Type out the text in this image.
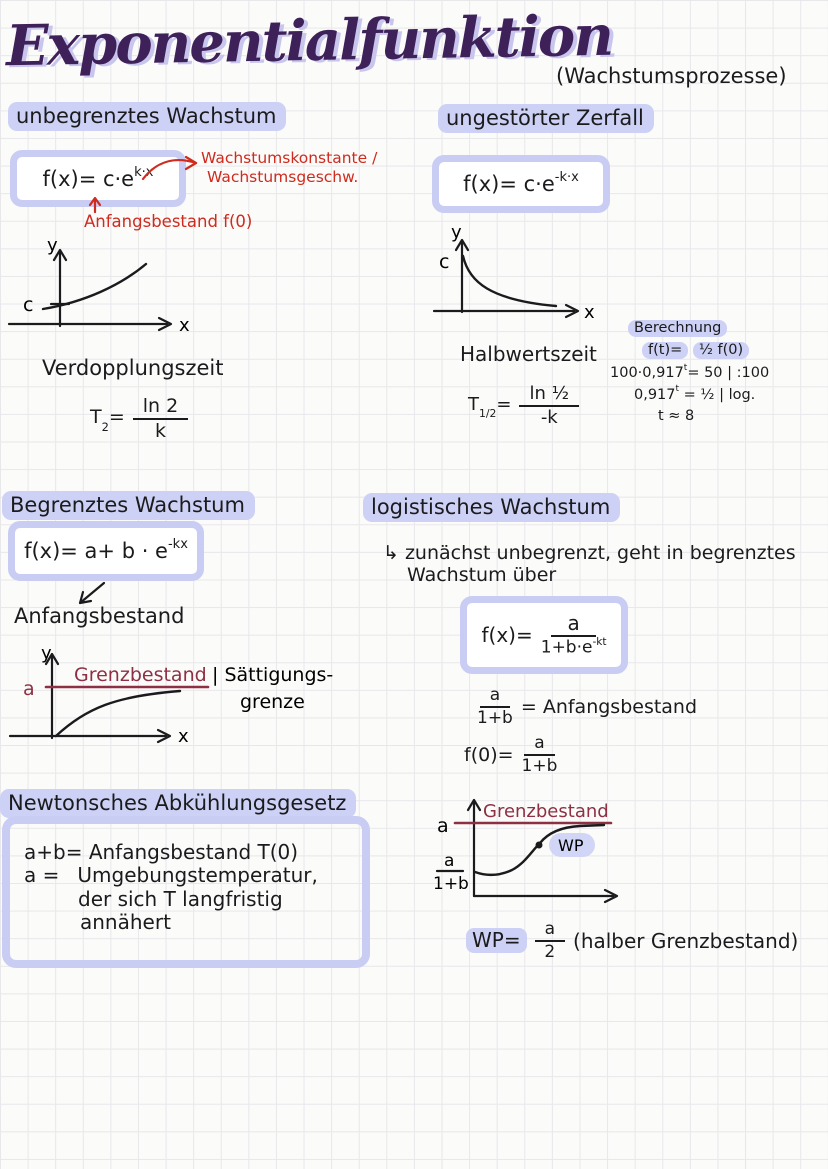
Exponentialfunktion
(Wachstumsprozesse)
unbegrenztes Wachstum
$f(x)= c\cdot e^{k\cdot x}$
Wachstumskonstante /
Wachstumsgeschw.
Anfangsbestand f(0)
y
c
x
Verdopplungszeit
$T_2= \frac{\ln 2}{k}$
ungestörter Zerfall
$f(x)= c\cdot e^{-k\cdot x}$
y
c
x
Halbwertszeit
$T_{1/2}= \frac{\text{ln ½}}{-k}$
Berechnung
f(t)= ½ f(0)
$100\cdot 0,917^t= 50$ | :100
$0,917^t$ = ½ | log.
t ≈ 8
Begrenztes Wachstum
$f(x)= a+ b \cdot e^{-kx}$
Anfangsbestand
y
a
Grenzbestand | Sättigungs-
grenze
x
logistisches Wachstum
↳ zunächst unbegrenzt, geht in begrenztes
Wachstum über
$f(x)= \frac{a}{1+b\cdot e^{-kt}}$
$\frac{a}{1+b}$ = Anfangsbestand
$f(0)= \frac{a}{1+b}$
Newtonsches Abkühlungsgesetz
a+b= Anfangsbestand T(0)
a = Umgebungstemperatur,
der sich T langfristig
annähert
a
Grenzbestand
a
1+b
WP
$WP= \frac{a}{2}$ (halber Grenzbestand)
